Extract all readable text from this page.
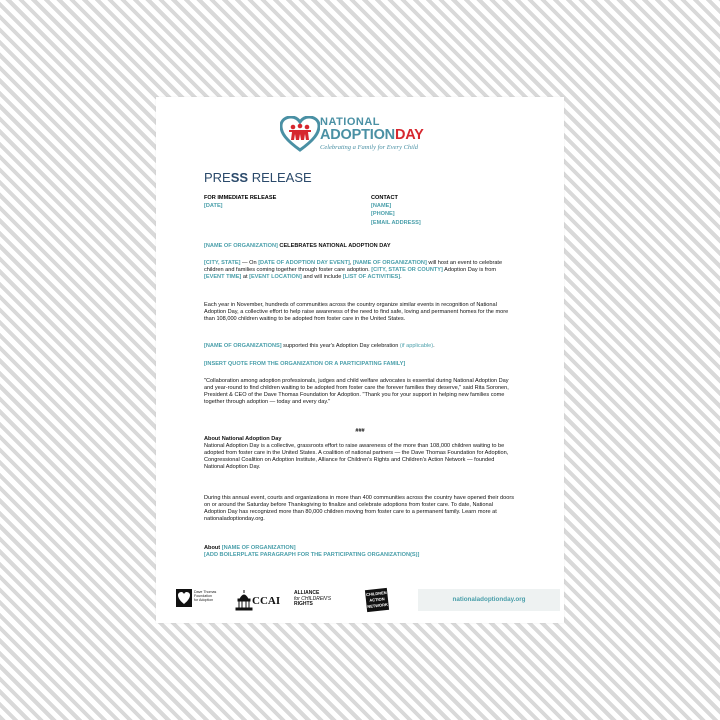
NATIONAL
ADOPTIONDAY
Celebrating a Family for Every Child
PRESS RELEASE
FOR IMMEDIATE RELEASE
[DATE]
CONTACT
[NAME]
[PHONE]
[EMAIL ADDRESS]

[NAME OF ORGANIZATION] CELEBRATES NATIONAL ADOPTION DAY

[CITY, STATE] — On [DATE OF ADOPTION DAY EVENT], [NAME OF ORGANIZATION] will host an event to celebrate children and families coming together through foster care adoption. [CITY, STATE OR COUNTY] Adoption Day is from [EVENT TIME] at [EVENT LOCATION] and will include [LIST OF ACTIVITIES].

Each year in November, hundreds of communities across the country organize similar events in recognition of National Adoption Day, a collective effort to help raise awareness of the need to find safe, loving and permanent homes for the more than 108,000 children waiting to be adopted from foster care in the United States.

[NAME OF ORGANIZATIONS] supported this year's Adoption Day celebration (if applicable).

[INSERT QUOTE FROM THE ORGANIZATION OR A PARTICIPATING FAMILY]

"Collaboration among adoption professionals, judges and child welfare advocates is essential during National Adoption Day and year-round to find children waiting to be adopted from foster care the forever families they deserve," said Rita Soronen, President & CEO of the Dave Thomas Foundation for Adoption. "Thank you for your support in helping new families come together through adoption — today and every day."

###

About National Adoption Day
National Adoption Day is a collective, grassroots effort to raise awareness of the more than 108,000 children waiting to be adopted from foster care in the United States. A coalition of national partners — the Dave Thomas Foundation for Adoption, Congressional Coalition on Adoption Institute, Alliance for Children's Rights and Children's Action Network — founded National Adoption Day.

During this annual event, courts and organizations in more than 400 communities across the country have opened their doors on or around the Saturday before Thanksgiving to finalize and celebrate adoptions from foster care. To date, National Adoption Day has recognized more than 80,000 children moving from foster care to a permanent family. Learn more at nationaladoptionday.org.

About [NAME OF ORGANIZATION]
[ADD BOILERPLATE PARAGRAPH FOR THE PARTICIPATING ORGANIZATION(S)]

Dave Thomas
Foundation
for Adoption	CCAI
ALLIANCE
for CHILDREN'S
RIGHTS
CHILDREN
ACTION
NETWORK
nationaladoptionday.org
